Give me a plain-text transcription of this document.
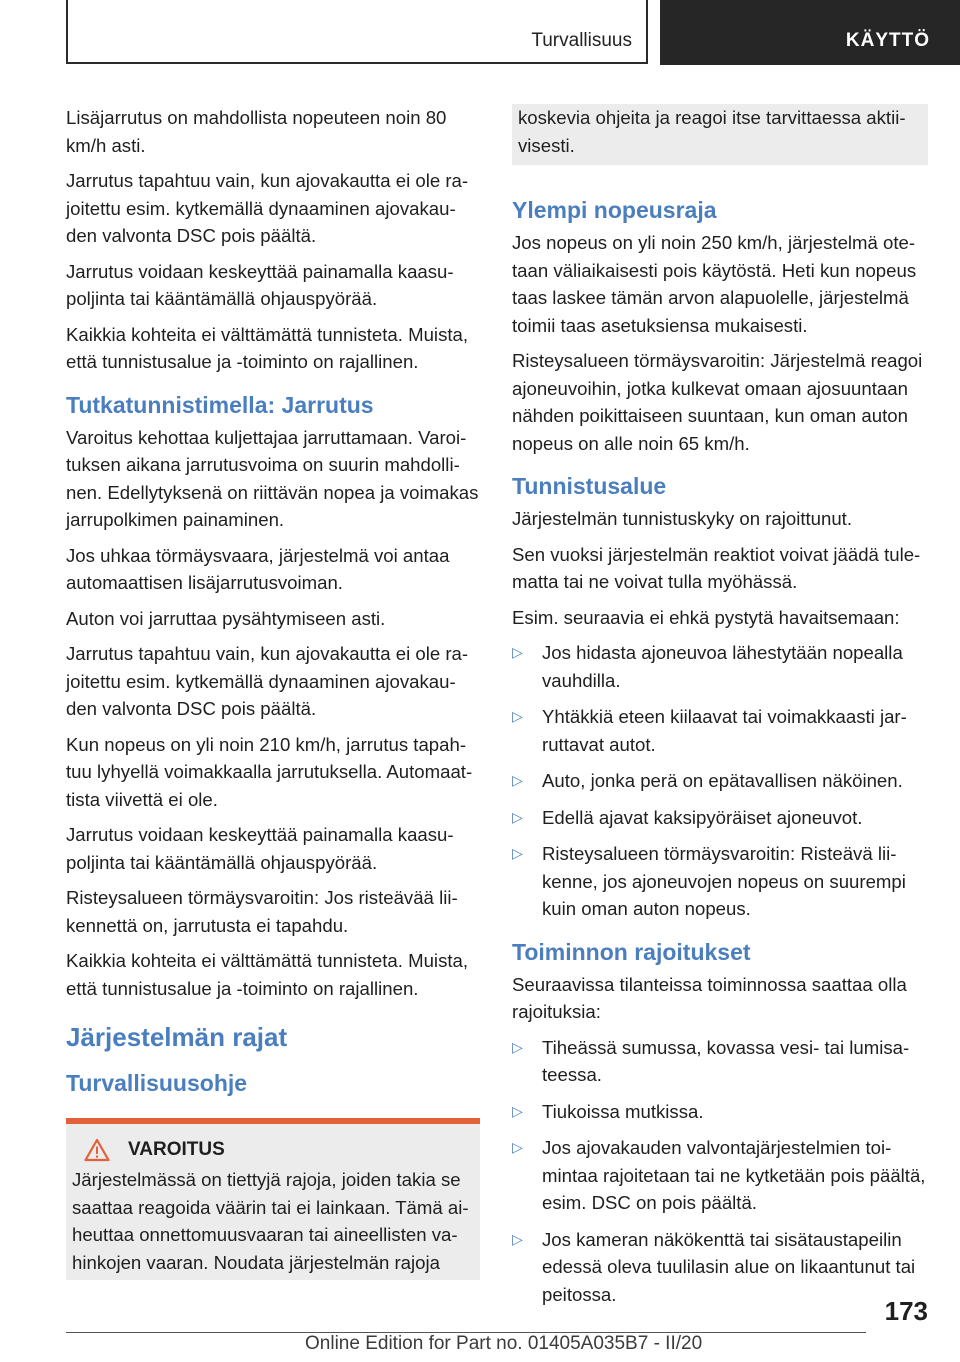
Turvallisuus	KÄYTTÖ

Lisäjarrutus on mahdollista nopeuteen noin 80 km/h asti.

Jarrutus tapahtuu vain, kun ajovakautta ei ole rajoitettu esim. kytkemällä dynaaminen ajovakauden valvonta DSC pois päältä.

Jarrutus voidaan keskeyttää painamalla kaasupoljinta tai kääntämällä ohjauspyörää.

Kaikkia kohteita ei välttämättä tunnisteta. Muista, että tunnistusalue ja -toiminto on rajallinen.

Tutkatunnistimella: Jarrutus

Varoitus kehottaa kuljettajaa jarruttamaan. Varoituksen aikana jarrutusvoima on suurin mahdollinen. Edellytyksenä on riittävän nopea ja voimakas jarrupolkimen painaminen.

Jos uhkaa törmäysvaara, järjestelmä voi antaa automaattisen lisäjarrutusvoiman.

Auton voi jarruttaa pysähtymiseen asti.

Jarrutus tapahtuu vain, kun ajovakautta ei ole rajoitettu esim. kytkemällä dynaaminen ajovakauden valvonta DSC pois päältä.

Kun nopeus on yli noin 210 km/h, jarrutus tapahtuu lyhyellä voimakkaalla jarrutuksella. Automaattista viivettä ei ole.

Jarrutus voidaan keskeyttää painamalla kaasupoljinta tai kääntämällä ohjauspyörää.

Risteysalueen törmäysvaroitin: Jos risteävää liikennettä on, jarrutusta ei tapahdu.

Kaikkia kohteita ei välttämättä tunnisteta. Muista, että tunnistusalue ja -toiminto on rajallinen.

Järjestelmän rajat
Turvallisuusohje
VAROITUS

Järjestelmässä on tiettyjä rajoja, joiden takia se saattaa reagoida väärin tai ei lainkaan. Tämä aiheuttaa onnettomuusvaaran tai aineellisten vahinkojen vaaran. Noudata järjestelmän rajoja

koskevia ohjeita ja reagoi itse tarvittaessa aktiivisesti.

Ylempi nopeusraja

Jos nopeus on yli noin 250 km/h, järjestelmä otetaan väliaikaisesti pois käytöstä. Heti kun nopeus taas laskee tämän arvon alapuolelle, järjestelmä toimii taas asetuksiensa mukaisesti.

Risteysalueen törmäysvaroitin: Järjestelmä reagoi ajoneuvoihin, jotka kulkevat omaan ajosuuntaan nähden poikittaiseen suuntaan, kun oman auton nopeus on alle noin 65 km/h.

Tunnistusalue

Järjestelmän tunnistuskyky on rajoittunut.

Sen vuoksi järjestelmän reaktiot voivat jäädä tulematta tai ne voivat tulla myöhässä.

Esim. seuraavia ei ehkä pystytä havaitsemaan:

▷ Jos hidasta ajoneuvoa lähestytään nopealla vauhdilla.
▷ Yhtäkkiä eteen kiilaavat tai voimakkaasti jarruttavat autot.
▷ Auto, jonka perä on epätavallisen näköinen.
▷ Edellä ajavat kaksipyöräiset ajoneuvot.
▷ Risteysalueen törmäysvaroitin: Risteävä liikenne, jos ajoneuvojen nopeus on suurempi kuin oman auton nopeus.
Toiminnon rajoitukset

Seuraavissa tilanteissa toiminnossa saattaa olla rajoituksia:

▷ Tiheässä sumussa, kovassa vesi- tai lumisateessa.
▷ Tiukoissa mutkissa.
▷ Jos ajovakauden valvontajärjestelmien toimintaa rajoitetaan tai ne kytketään pois päältä, esim. DSC on pois päältä.
▷ Jos kameran näkökenttä tai sisätaustapeilin edessä oleva tuulilasin alue on likaantunut tai peitossa.
173
Online Edition for Part no. 01405A035B7 - II/20
